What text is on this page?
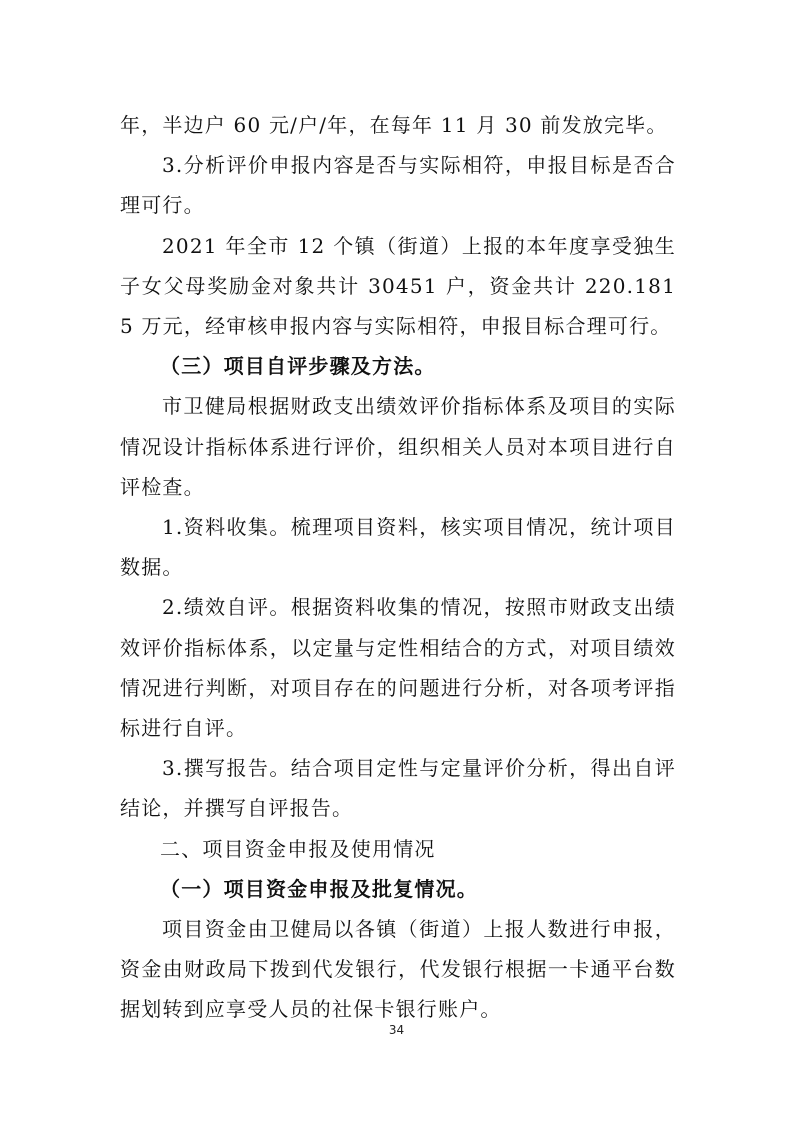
年，半边户 60 元/户/年，在每年 11 月 30 前发放完毕。

3.分析评价申报内容是否与实际相符，申报目标是否合理可行。

2021 年全市 12 个镇（街道）上报的本年度享受独生子女父母奖励金对象共计 30451 户，资金共计 220.1815 万元，经审核申报内容与实际相符，申报目标合理可行。

（三）项目自评步骤及方法。

市卫健局根据财政支出绩效评价指标体系及项目的实际情况设计指标体系进行评价，组织相关人员对本项目进行自评检查。

1.资料收集。梳理项目资料，核实项目情况，统计项目数据。

2.绩效自评。根据资料收集的情况，按照市财政支出绩效评价指标体系，以定量与定性相结合的方式，对项目绩效情况进行判断，对项目存在的问题进行分析，对各项考评指标进行自评。

3.撰写报告。结合项目定性与定量评价分析，得出自评结论，并撰写自评报告。

二、项目资金申报及使用情况

（一）项目资金申报及批复情况。

项目资金由卫健局以各镇（街道）上报人数进行申报，资金由财政局下拨到代发银行，代发银行根据一卡通平台数据划转到应享受人员的社保卡银行账户。

34
